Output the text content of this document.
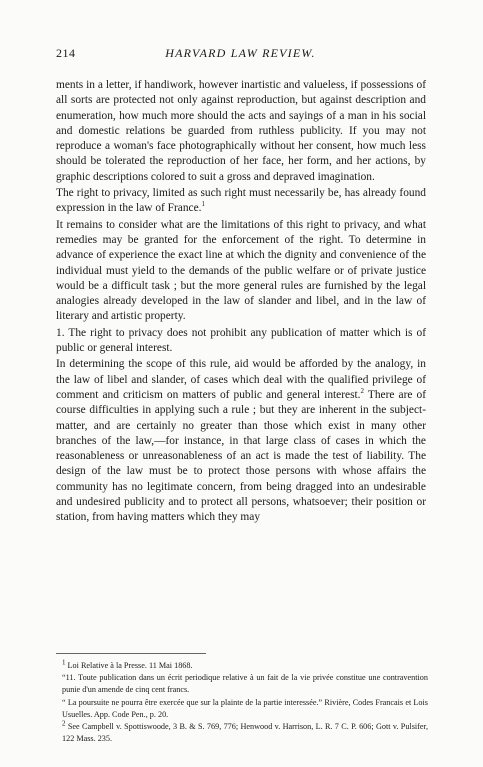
214	HARVARD LAW REVIEW.

ments in a letter, if handiwork, however inartistic and valueless, if possessions of all sorts are protected not only against reproduction, but against description and enumeration, how much more should the acts and sayings of a man in his social and domestic relations be guarded from ruthless publicity. If you may not reproduce a woman's face photographically without her consent, how much less should be tolerated the reproduction of her face, her form, and her actions, by graphic descriptions colored to suit a gross and depraved imagination.

The right to privacy, limited as such right must necessarily be, has already found expression in the law of France.$^1$

It remains to consider what are the limitations of this right to privacy, and what remedies may be granted for the enforcement of the right. To determine in advance of experience the exact line at which the dignity and convenience of the individual must yield to the demands of the public welfare or of private justice would be a difficult task ; but the more general rules are furnished by the legal analogies already developed in the law of slander and libel, and in the law of literary and artistic property.

1. The right to privacy does not prohibit any publication of matter which is of public or general interest.

In determining the scope of this rule, aid would be afforded by the analogy, in the law of libel and slander, of cases which deal with the qualified privilege of comment and criticism on matters of public and general interest.$^2$ There are of course difficulties in applying such a rule ; but they are inherent in the subject-matter, and are certainly no greater than those which exist in many other branches of the law,—for instance, in that large class of cases in which the reasonableness or unreasonableness of an act is made the test of liability. The design of the law must be to protect those persons with whose affairs the community has no legitimate concern, from being dragged into an undesirable and undesired publicity and to protect all persons, whatsoever; their position or station, from having matters which they may

$^1$ Loi Relative à la Presse. 11 Mai 1868.

“11. Toute publication dans un écrit periodique relative à un fait de la vie privée constitue une contravention punie d'un amende de cinq cent francs.

“ La poursuite ne pourra être exercée que sur la plainte de la partie interessée.” Rivière, Codes Francais et Lois Usuelles. App. Code Pen., p. 20.

$^2$ See Campbell v. Spottiswoode, 3 B. & S. 769, 776; Henwood v. Harrison, L. R. 7 C. P. 606; Gott v. Pulsifer, 122 Mass. 235.
